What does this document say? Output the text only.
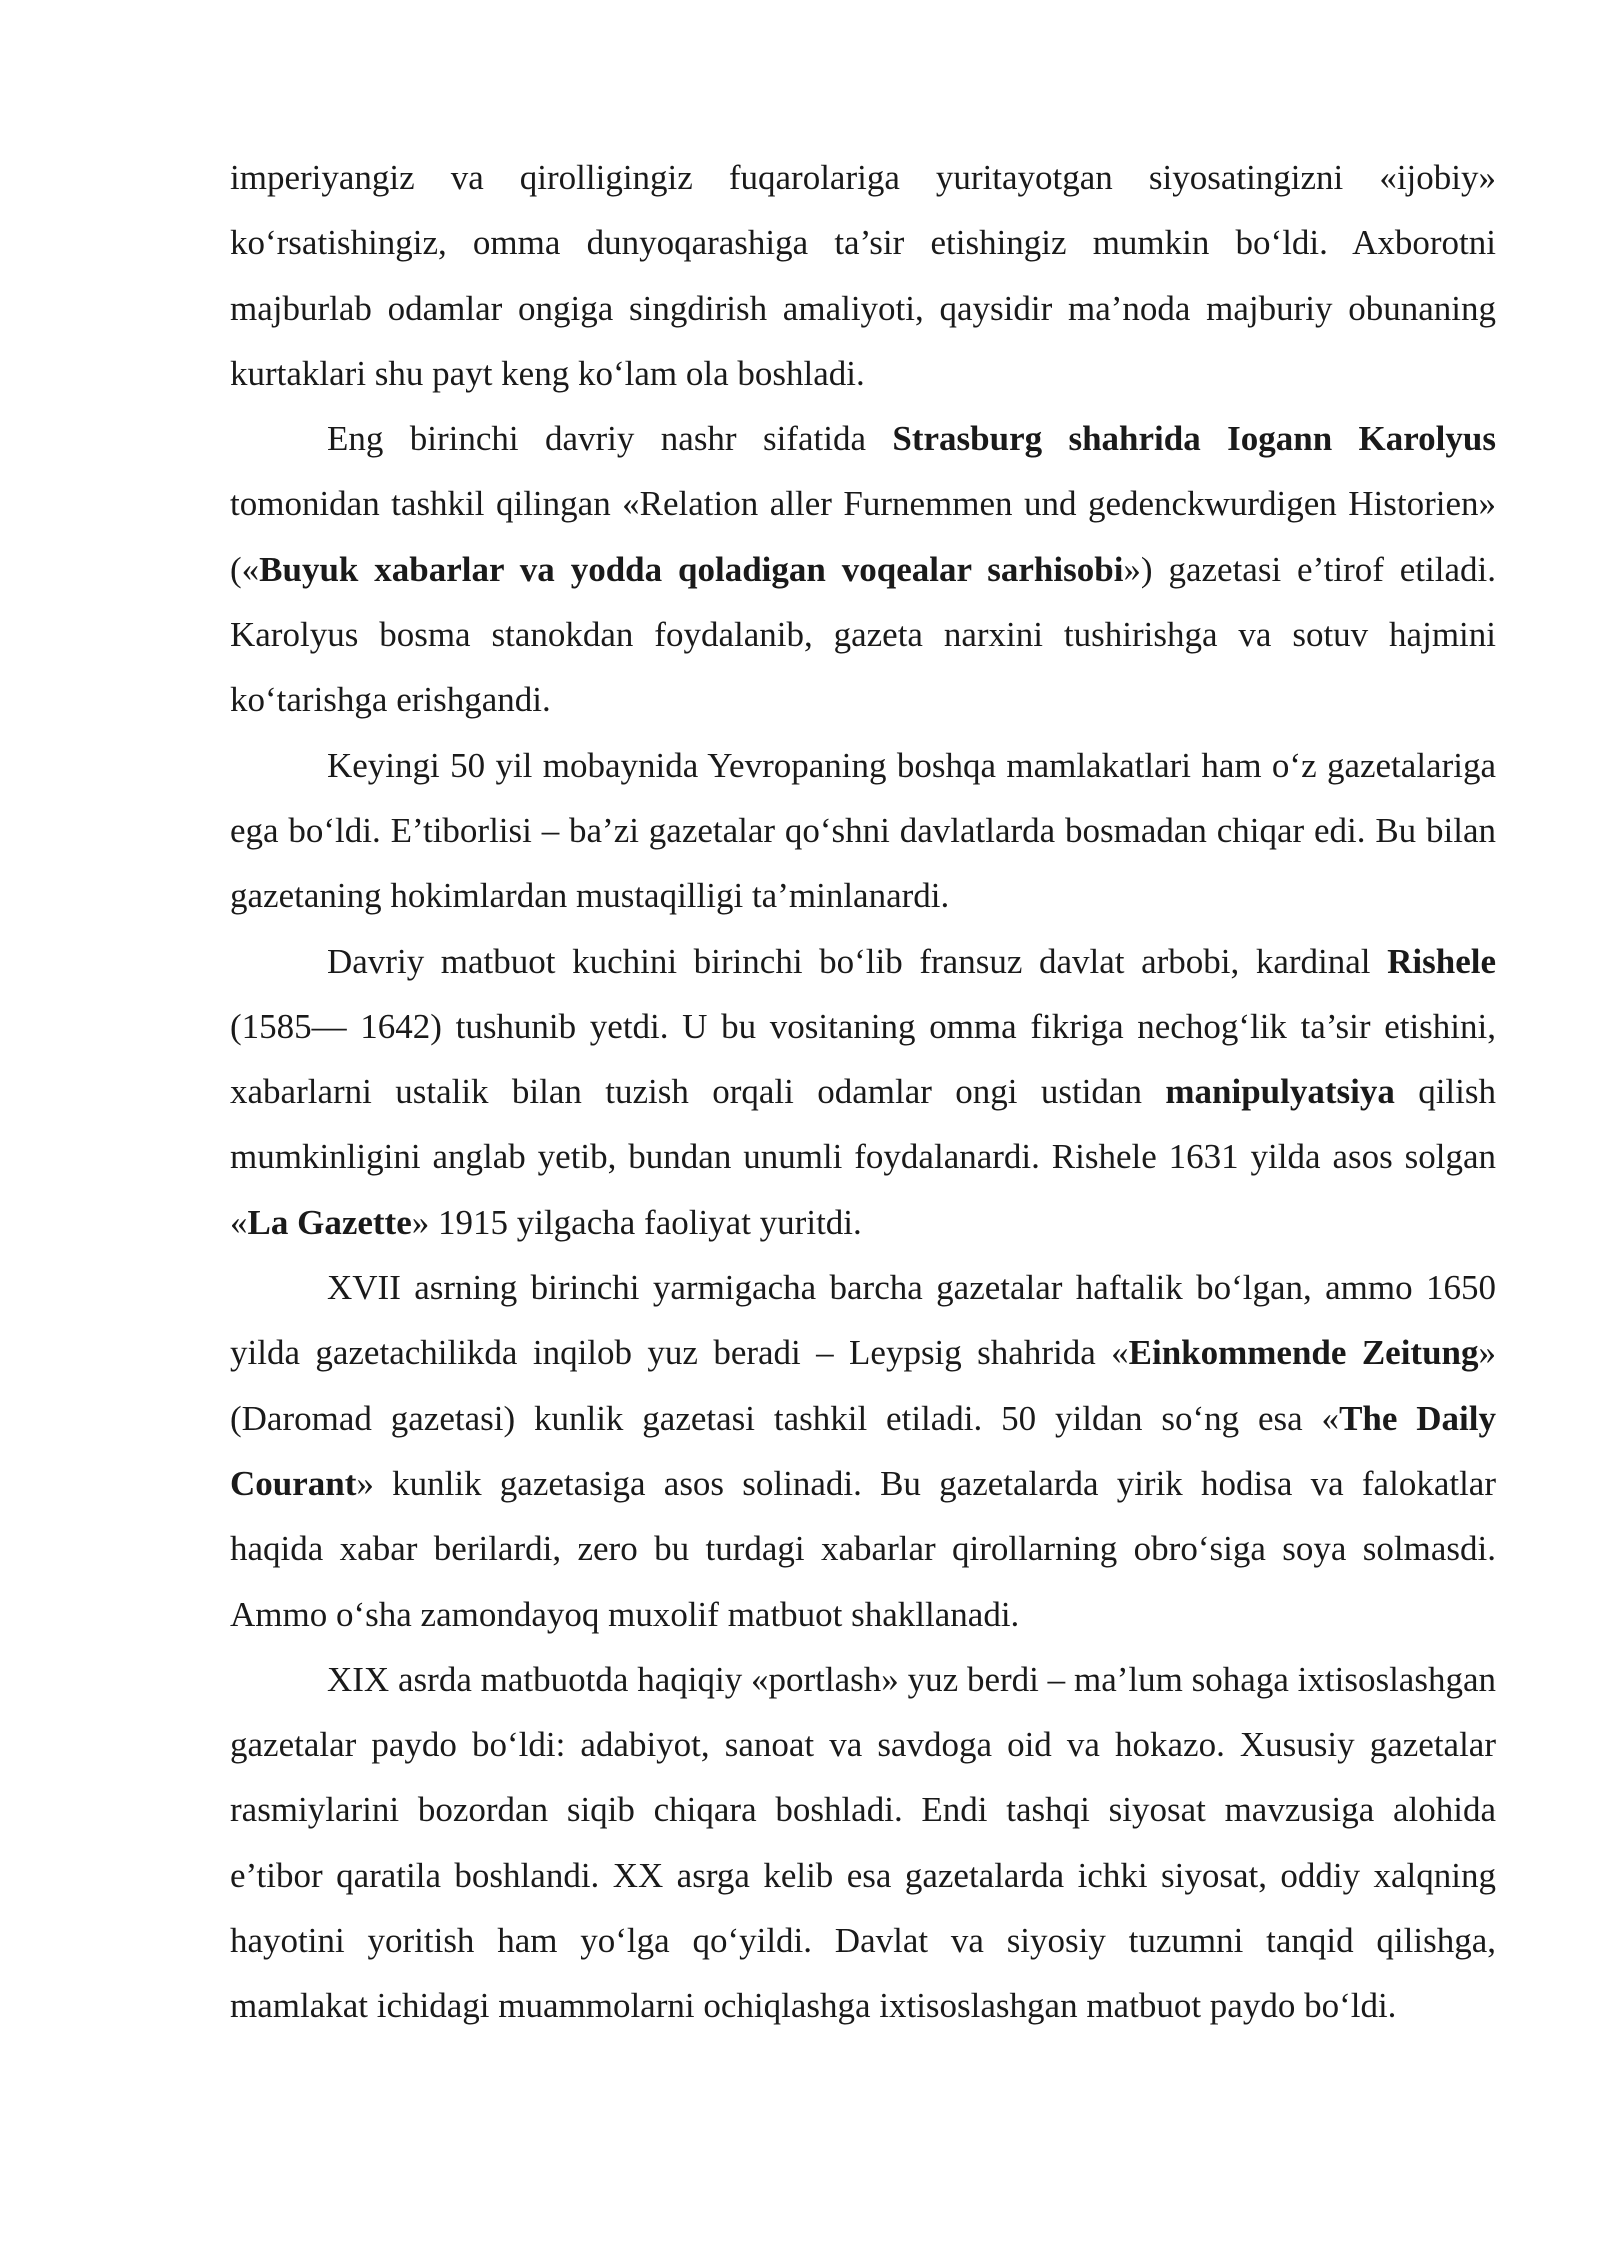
imperiyangiz va qirolligingiz fuqarolariga yuritayotgan siyosatingizni «ijobiy» ko‘rsatishingiz, omma dunyoqarashiga ta’sir etishingiz mumkin bo‘ldi. Axborotni majburlab odamlar ongiga singdirish amaliyoti, qaysidir ma’noda majburiy obunaning kurtaklari shu payt keng ko‘lam ola boshladi.

Eng birinchi davriy nashr sifatida Strasburg shahrida Iogann Karolyus tomonidan tashkil qilingan «Relation aller Furnemmen und gedenckwurdigen Historien» («Buyuk xabarlar va yodda qoladigan voqealar sarhisobi») gazetasi e’tirof etiladi. Karolyus bosma stanokdan foydalanib, gazeta narxini tushirishga va sotuv hajmini ko‘tarishga erishgandi.

Keyingi 50 yil mobaynida Yevropaning boshqa mamlakatlari ham o‘z gazetalariga ega bo‘ldi. E’tiborlisi – ba’zi gazetalar qo‘shni davlatlarda bosmadan chiqar edi. Bu bilan gazetaning hokimlardan mustaqilligi ta’minlanardi.

Davriy matbuot kuchini birinchi bo‘lib fransuz davlat arbobi, kardinal Rishele (1585— 1642) tushunib yetdi. U bu vositaning omma fikriga nechog‘lik ta’sir etishini, xabarlarni ustalik bilan tuzish orqali odamlar ongi ustidan manipulyatsiya qilish mumkinligini anglab yetib, bundan unumli foydalanardi. Rishele 1631 yilda asos solgan «La Gazette» 1915 yilgacha faoliyat yuritdi.

XVII asrning birinchi yarmigacha barcha gazetalar haftalik bo‘lgan, ammo 1650 yilda gazetachilikda inqilob yuz beradi – Leypsig shahrida «Einkommende Zeitung» (Daromad gazetasi) kunlik gazetasi tashkil etiladi. 50 yildan so‘ng esa «The Daily Courant» kunlik gazetasiga asos solinadi. Bu gazetalarda yirik hodisa va falokatlar haqida xabar berilardi, zero bu turdagi xabarlar qirollarning obro‘siga soya solmasdi. Ammo o‘sha zamondayoq muxolif matbuot shakllanadi.

XIX asrda matbuotda haqiqiy «portlash» yuz berdi – ma’lum sohaga ixtisoslashgan gazetalar paydo bo‘ldi: adabiyot, sanoat va savdoga oid va hokazo. Xususiy gazetalar rasmiylarini bozordan siqib chiqara boshladi. Endi tashqi siyosat mavzusiga alohida e’tibor qaratila boshlandi. XX asrga kelib esa gazetalarda ichki siyosat, oddiy xalqning hayotini yoritish ham yo‘lga qo‘yildi. Davlat va siyosiy tuzumni tanqid qilishga, mamlakat ichidagi muammolarni ochiqlashga ixtisoslashgan matbuot paydo bo‘ldi.
